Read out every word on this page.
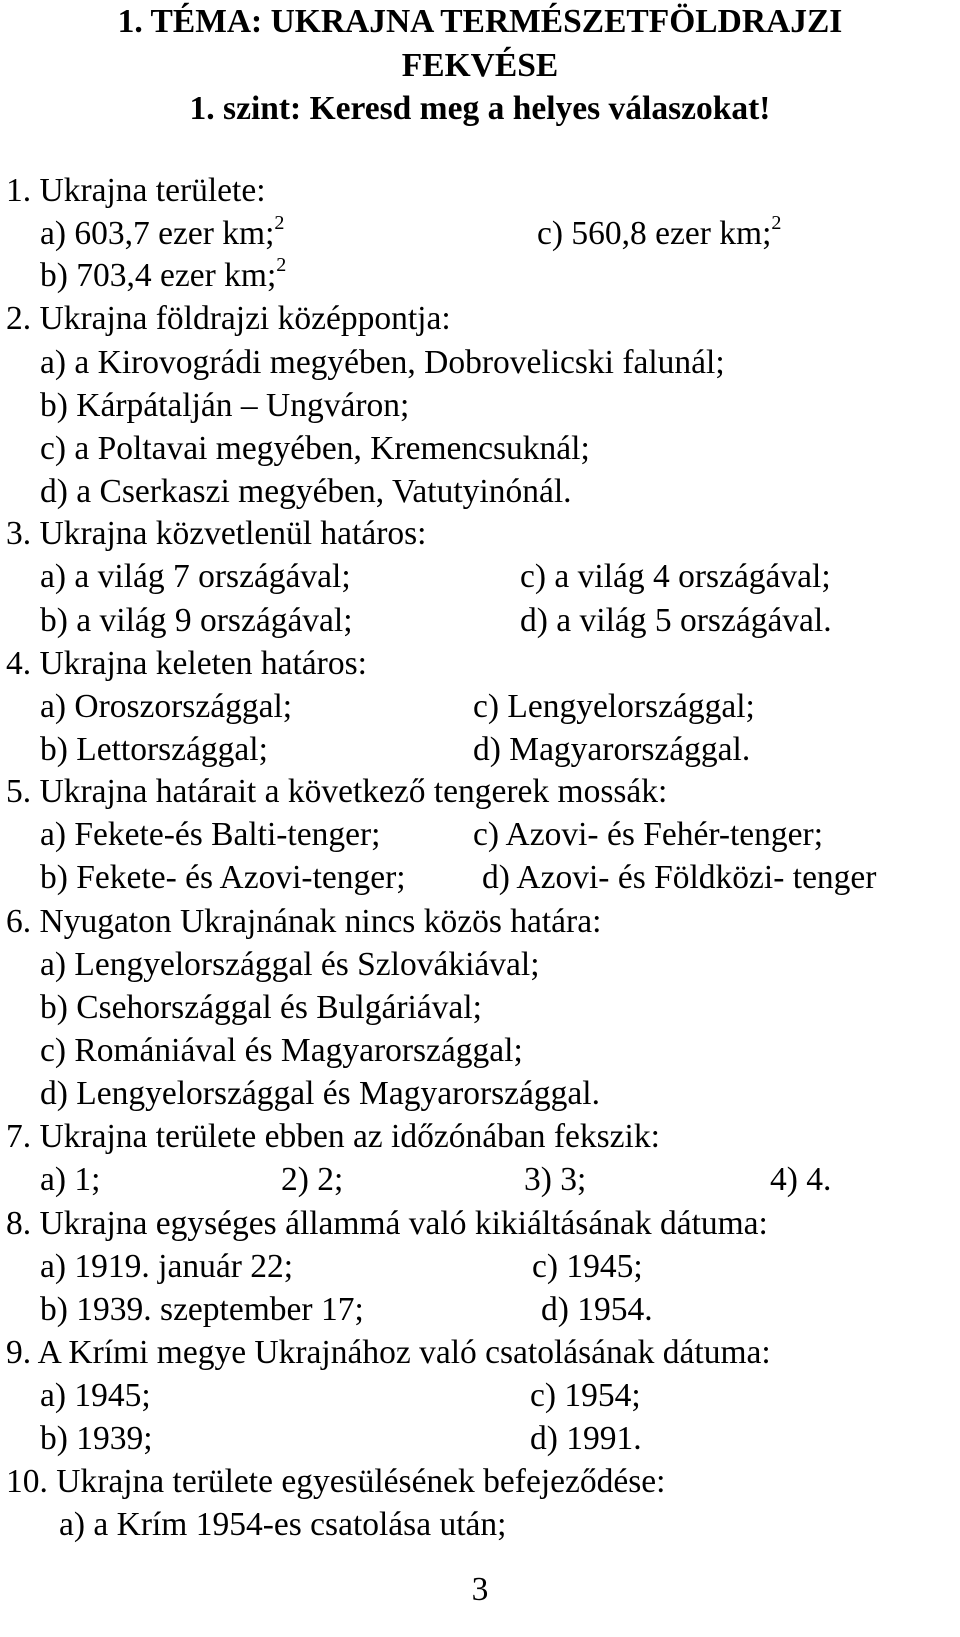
1. TÉMA: UKRAJNA TERMÉSZETFÖLDRAJZI
FEKVÉSE
1. szint: Keresd meg a helyes válaszokat!
1. Ukrajna területe:
a) 603,7 ezer km;$^2$	c) 560,8 ezer km;$^2$
b) 703,4 ezer km;$^2$
2. Ukrajna földrajzi középpontja:
a) a Kirovográdi megyében, Dobrovelicski falunál;
b) Kárpátalján – Ungváron;
c) a Poltavai megyében, Kremencsuknál;
d) a Cserkaszi megyében, Vatutyinónál.
3. Ukrajna közvetlenül határos:
a) a világ 7 országával;	c) a világ 4 országával;
b) a világ 9 országával;	d) a világ 5 országával.
4. Ukrajna keleten határos:
a) Oroszországgal;	c) Lengyelországgal;
b) Lettországgal;	d) Magyarországgal.
5. Ukrajna határait a következő tengerek mossák:
a) Fekete-és Balti-tenger;	c) Azovi- és Fehér-tenger;
b) Fekete- és Azovi-tenger; d) Azovi- és Földközi- tenger
6. Nyugaton Ukrajnának nincs közös határa:
a) Lengyelországgal és Szlovákiával;
b) Csehországgal és Bulgáriával;
c) Romániával és Magyarországgal;
d) Lengyelországgal és Magyarországgal.
7. Ukrajna területe ebben az időzónában fekszik:
a) 1;	2) 2;	3) 3;	4) 4.
8. Ukrajna egységes állammá való kikiáltásának dátuma:
a) 1919. január 22;	c) 1945;
b) 1939. szeptember 17;	d) 1954.
9. A Krími megye Ukrajnához való csatolásának dátuma:
a) 1945;	c) 1954;
b) 1939;	d) 1991.
10. Ukrajna területe egyesülésének befejeződése:
a) a Krím 1954-es csatolása után;
3
